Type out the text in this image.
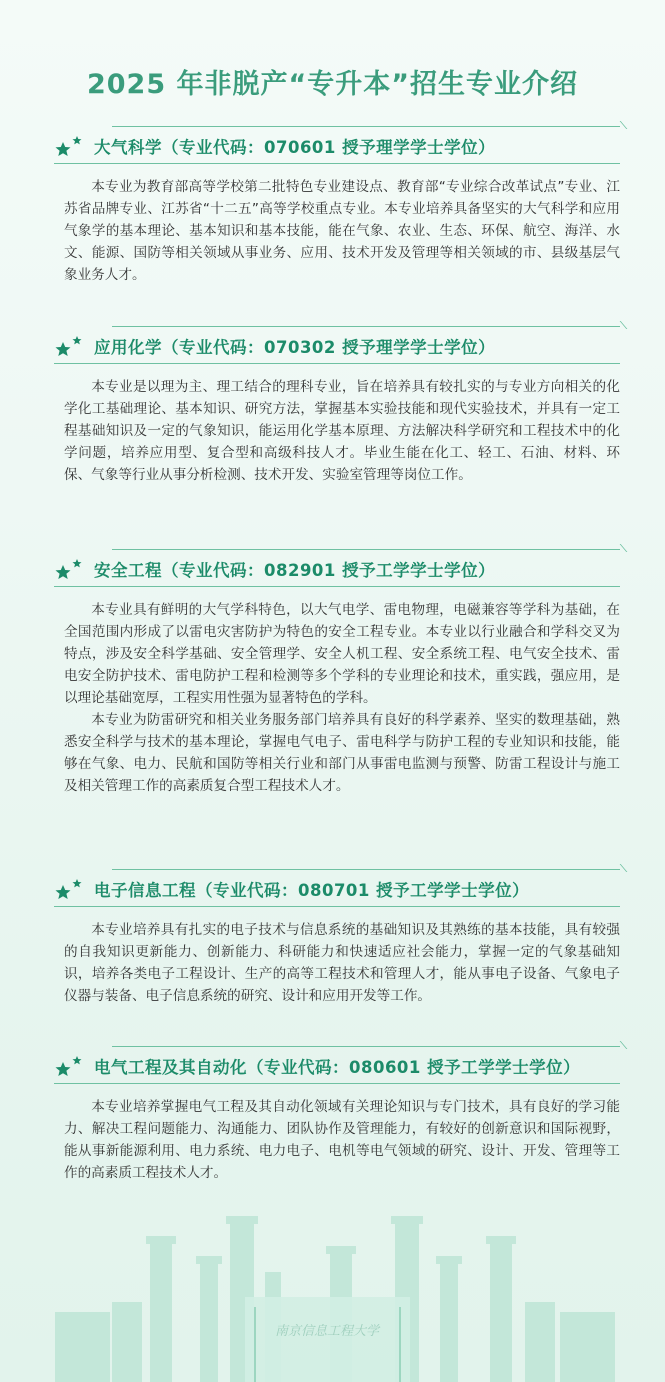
2025 年非脱产“专升本”招生专业介绍
大气科学（专业代码：070601 授予理学学士学位）

本专业为教育部高等学校第二批特色专业建设点、教育部“专业综合改革试点”专业、江苏省品牌专业、江苏省“十二五”高等学校重点专业。本专业培养具备坚实的大气科学和应用气象学的基本理论、基本知识和基本技能，能在气象、农业、生态、环保、航空、海洋、水文、能源、国防等相关领域从事业务、应用、技术开发及管理等相关领域的市、县级基层气象业务人才。

应用化学（专业代码：070302 授予理学学士学位）

本专业是以理为主、理工结合的理科专业，旨在培养具有较扎实的与专业方向相关的化学化工基础理论、基本知识、研究方法，掌握基本实验技能和现代实验技术，并具有一定工程基础知识及一定的气象知识，能运用化学基本原理、方法解决科学研究和工程技术中的化学问题，培养应用型、复合型和高级科技人才。毕业生能在化工、轻工、石油、材料、环保、气象等行业从事分析检测、技术开发、实验室管理等岗位工作。

安全工程（专业代码：082901 授予工学学士学位）

本专业具有鲜明的大气学科特色，以大气电学、雷电物理，电磁兼容等学科为基础，在全国范围内形成了以雷电灾害防护为特色的安全工程专业。本专业以行业融合和学科交叉为特点，涉及安全科学基础、安全管理学、安全人机工程、安全系统工程、电气安全技术、雷电安全防护技术、雷电防护工程和检测等多个学科的专业理论和技术，重实践，强应用，是以理论基础宽厚，工程实用性强为显著特色的学科。

本专业为防雷研究和相关业务服务部门培养具有良好的科学素养、坚实的数理基础，熟悉安全科学与技术的基本理论，掌握电气电子、雷电科学与防护工程的专业知识和技能，能够在气象、电力、民航和国防等相关行业和部门从事雷电监测与预警、防雷工程设计与施工及相关管理工作的高素质复合型工程技术人才。

电子信息工程（专业代码：080701 授予工学学士学位）

本专业培养具有扎实的电子技术与信息系统的基础知识及其熟练的基本技能，具有较强的自我知识更新能力、创新能力、科研能力和快速适应社会能力，掌握一定的气象基础知识，培养各类电子工程设计、生产的高等工程技术和管理人才，能从事电子设备、气象电子仪器与装备、电子信息系统的研究、设计和应用开发等工作。

电气工程及其自动化（专业代码：080601 授予工学学士学位）

本专业培养掌握电气工程及其自动化领域有关理论知识与专门技术，具有良好的学习能力、解决工程问题能力、沟通能力、团队协作及管理能力，有较好的创新意识和国际视野，能从事新能源利用、电力系统、电力电子、电机等电气领域的研究、设计、开发、管理等工作的高素质工程技术人才。

南京信息工程大学
